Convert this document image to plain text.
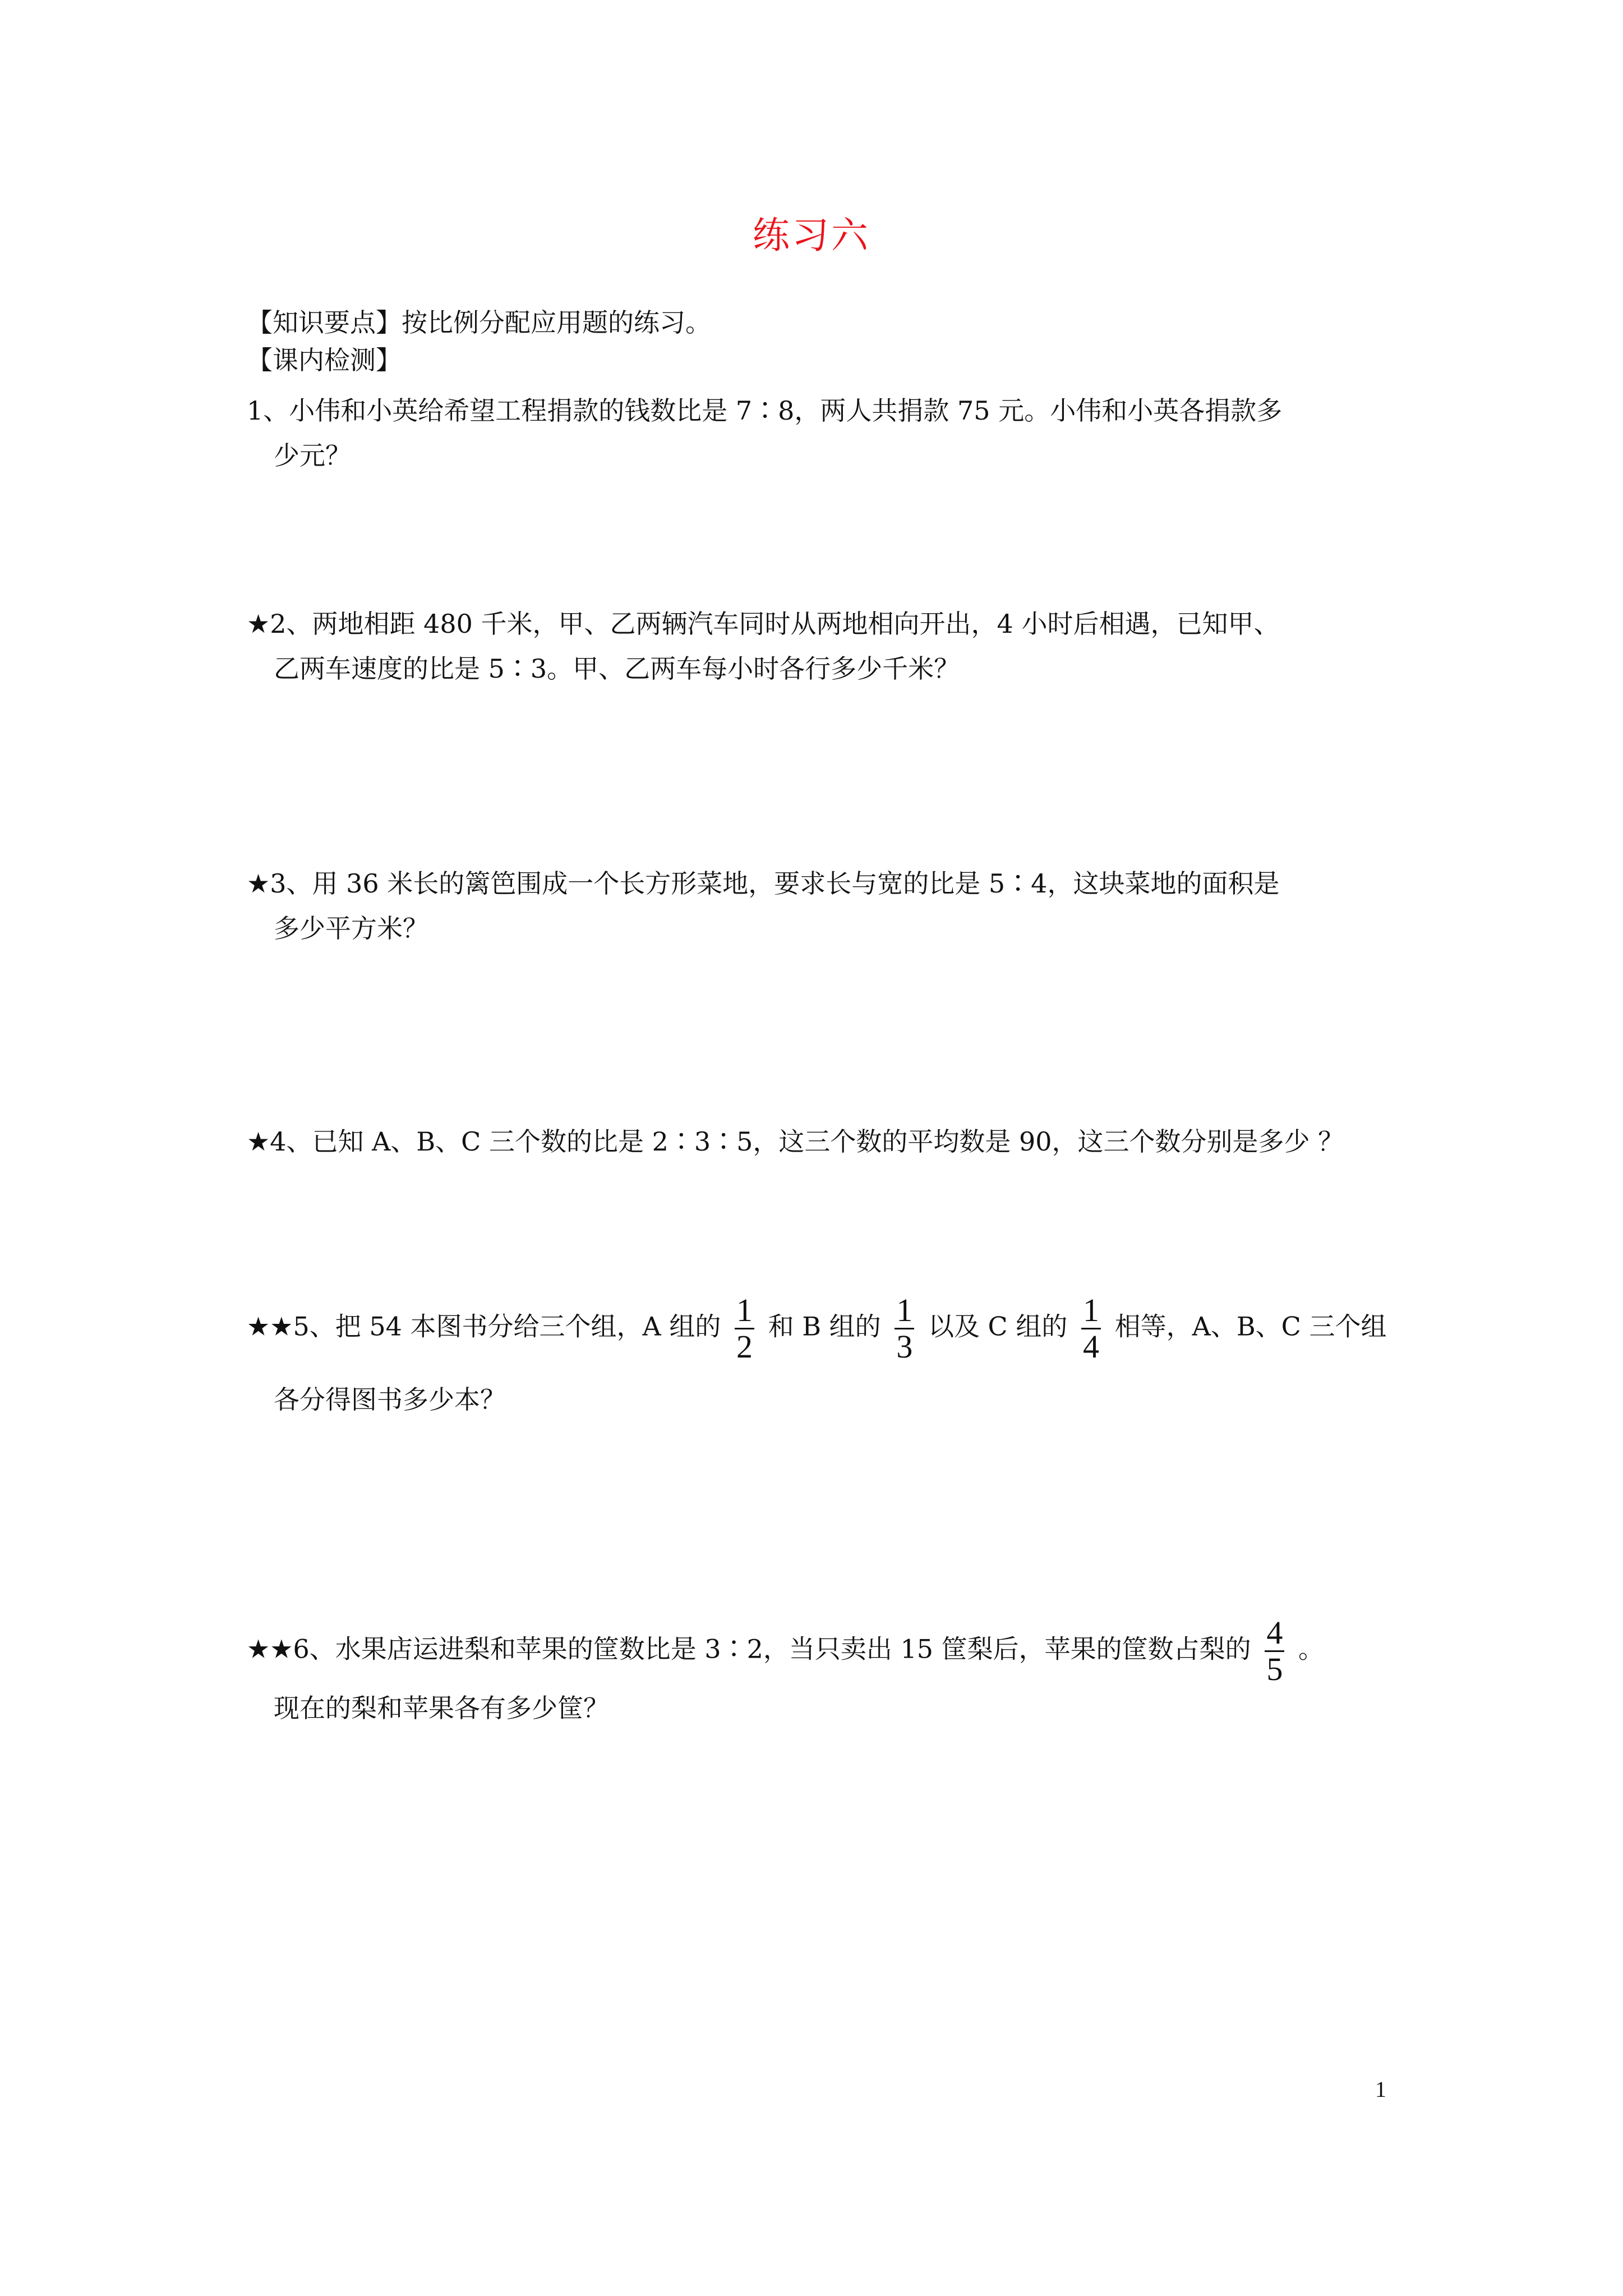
练习六
【知识要点】按比例分配应用题的练习。
【课内检测】
1、小伟和小英给希望工程捐款的钱数比是 7∶8，两人共捐款 75 元。小伟和小英各捐款多
少元？
★2、两地相距 480 千米，甲、乙两辆汽车同时从两地相向开出，4 小时后相遇，已知甲、
乙两车速度的比是 5∶3。甲、乙两车每小时各行多少千米？
★3、用 36 米长的篱笆围成一个长方形菜地，要求长与宽的比是 5∶4，这块菜地的面积是
多少平方米？
★4、已知 A、B、C 三个数的比是 2∶3∶5，这三个数的平均数是 90，这三个数分别是多少 ？
★★5、把 54 本图书分给三个组，A 组的 $\frac{1}{2}$ 和 B 组的 $\frac{1}{3}$ 以及 C 组的 $\frac{1}{4}$ 相等，A、B、C 三个组
各分得图书多少本？
★★6、水果店运进梨和苹果的筐数比是 3∶2，当只卖出 15 筐梨后，苹果的筐数占梨的 $\frac{4}{5}$ 。
现在的梨和苹果各有多少筐？
1
